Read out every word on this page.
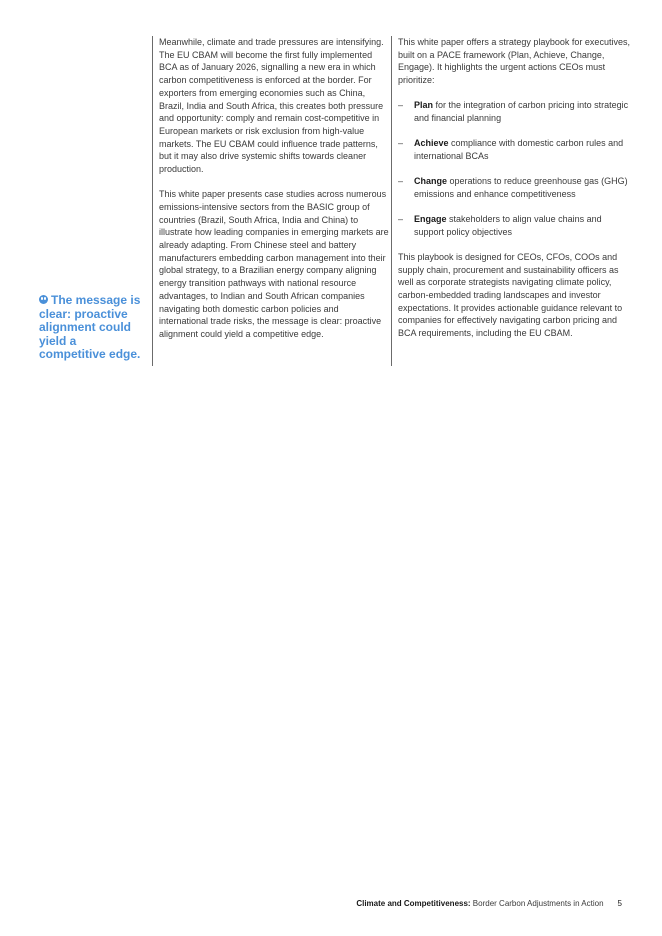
The message is clear: proactive alignment could yield a competitive edge.

Meanwhile, climate and trade pressures are intensifying. The EU CBAM will become the first fully implemented BCA as of January 2026, signalling a new era in which carbon competitiveness is enforced at the border. For exporters from emerging economies such as China, Brazil, India and South Africa, this creates both pressure and opportunity: comply and remain cost-competitive in European markets or risk exclusion from high-value markets. The EU CBAM could influence trade patterns, but it may also drive systemic shifts towards cleaner production.

This white paper presents case studies across numerous emissions-intensive sectors from the BASIC group of countries (Brazil, South Africa, India and China) to illustrate how leading companies in emerging markets are already adapting. From Chinese steel and battery manufacturers embedding carbon management into their global strategy, to a Brazilian energy company aligning energy transition pathways with national resource advantages, to Indian and South African companies navigating both domestic carbon policies and international trade risks, the message is clear: proactive alignment could yield a competitive edge.

This white paper offers a strategy playbook for executives, built on a PACE framework (Plan, Achieve, Change, Engage). It highlights the urgent actions CEOs must prioritize:

– Plan for the integration of carbon pricing into strategic and financial planning
– Achieve compliance with domestic carbon rules and international BCAs
– Change operations to reduce greenhouse gas (GHG) emissions and enhance competitiveness
– Engage stakeholders to align value chains and support policy objectives

This playbook is designed for CEOs, CFOs, COOs and supply chain, procurement and sustainability officers as well as corporate strategists navigating climate policy, carbon-embedded trading landscapes and investor expectations. It provides actionable guidance relevant to companies for effectively navigating carbon pricing and BCA requirements, including the EU CBAM.

Climate and Competitiveness: Border Carbon Adjustments in Action 5
